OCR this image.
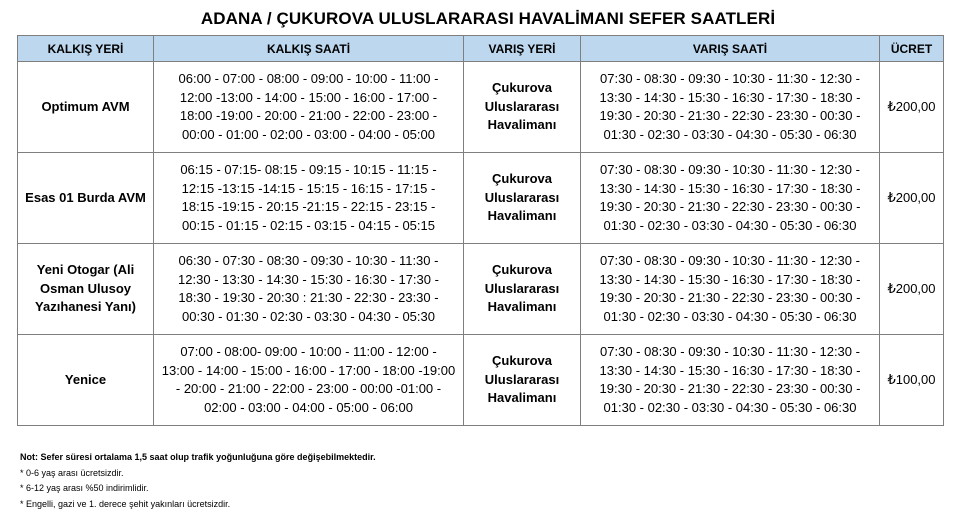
ADANA / ÇUKUROVA ULUSLARARASI HAVALİMANI SEFER SAATLERİ
KALKIŞ YERİ	KALKIŞ SAATİ	VARIŞ YERİ	VARIŞ SAATİ	ÜCRET
Optimum AVM	06:00 - 07:00 - 08:00 - 09:00 - 10:00 - 11:00 -
12:00 -13:00 - 14:00 - 15:00 - 16:00 - 17:00 -
18:00 -19:00 - 20:00 - 21:00 - 22:00 - 23:00 -
00:00 - 01:00 - 02:00 - 03:00 - 04:00 - 05:00	Çukurova
Uluslararası
Havalimanı	07:30 - 08:30 - 09:30 - 10:30 - 11:30 - 12:30 -
13:30 - 14:30 - 15:30 - 16:30 - 17:30 - 18:30 -
19:30 - 20:30 - 21:30 - 22:30 - 23:30 - 00:30 -
01:30 - 02:30 - 03:30 - 04:30 - 05:30 - 06:30	₺200,00
Esas 01 Burda AVM	06:15 - 07:15- 08:15 - 09:15 - 10:15 - 11:15 -
12:15 -13:15 -14:15 - 15:15 - 16:15 - 17:15 -
18:15 -19:15 - 20:15 -21:15 - 22:15 - 23:15 -
00:15 - 01:15 - 02:15 - 03:15 - 04:15 - 05:15	Çukurova
Uluslararası
Havalimanı	07:30 - 08:30 - 09:30 - 10:30 - 11:30 - 12:30 -
13:30 - 14:30 - 15:30 - 16:30 - 17:30 - 18:30 -
19:30 - 20:30 - 21:30 - 22:30 - 23:30 - 00:30 -
01:30 - 02:30 - 03:30 - 04:30 - 05:30 - 06:30	₺200,00
Yeni Otogar (Ali Osman Ulusoy Yazıhanesi Yanı)	06:30 - 07:30 - 08:30 - 09:30 - 10:30 - 11:30 -
12:30 - 13:30 - 14:30 - 15:30 - 16:30 - 17:30 -
18:30 - 19:30 - 20:30 : 21:30 - 22:30 - 23:30 -
00:30 - 01:30 - 02:30 - 03:30 - 04:30 - 05:30	Çukurova
Uluslararası
Havalimanı	07:30 - 08:30 - 09:30 - 10:30 - 11:30 - 12:30 -
13:30 - 14:30 - 15:30 - 16:30 - 17:30 - 18:30 -
19:30 - 20:30 - 21:30 - 22:30 - 23:30 - 00:30 -
01:30 - 02:30 - 03:30 - 04:30 - 05:30 - 06:30	₺200,00
Yenice	07:00 - 08:00- 09:00 - 10:00 - 11:00 - 12:00 -
13:00 - 14:00 - 15:00 - 16:00 - 17:00 - 18:00 -19:00
- 20:00 - 21:00 - 22:00 - 23:00 - 00:00 -01:00 -
02:00 - 03:00 - 04:00 - 05:00 - 06:00	Çukurova
Uluslararası
Havalimanı	07:30 - 08:30 - 09:30 - 10:30 - 11:30 - 12:30 -
13:30 - 14:30 - 15:30 - 16:30 - 17:30 - 18:30 -
19:30 - 20:30 - 21:30 - 22:30 - 23:30 - 00:30 -
01:30 - 02:30 - 03:30 - 04:30 - 05:30 - 06:30	₺100,00
Not: Sefer süresi ortalama 1,5 saat olup trafik yoğunluğuna göre değişebilmektedir.
* 0-6 yaş arası ücretsizdir.
* 6-12 yaş arası %50 indirimlidir.
* Engelli, gazi ve 1. derece şehit yakınları ücretsizdir.
